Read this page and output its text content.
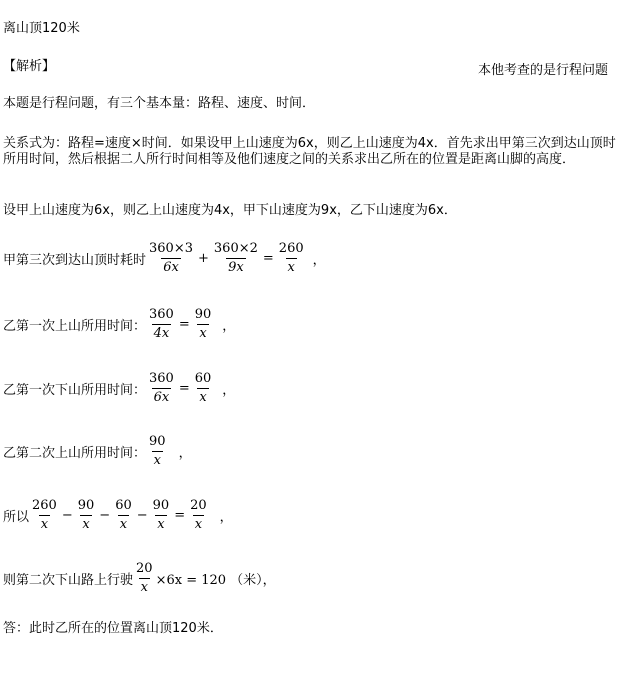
离山顶120米
【解析】	本他考查的是行程问题
本题是行程问题，有三个基本量：路程、速度、时间．
关系式为：路程=速度×时间．如果设甲上山速度为6x，则乙上山速度为4x．首先求出甲第三次到达山顶时所用时间，然后根据二人所行时间相等及他们速度之间的关系求出乙所在的位置是距离山脚的高度．
设甲上山速度为6x，则乙上山速度为4x，甲下山速度为9x，乙下山速度为6x．
甲第三次到达山顶时耗时 $\frac{360\times 3}{6x} + \frac{360\times 2}{9x} = \frac{260}{x}$ ，
乙第一次上山所用时间： $\frac{360}{4x} = \frac{90}{x}$ ，
乙第一次下山所用时间： $\frac{360}{6x} = \frac{60}{x}$ ，
乙第二次上山所用时间： $\frac{90}{x}$ ，
所以 $\frac{260}{x} - \frac{90}{x} - \frac{60}{x} - \frac{90}{x} = \frac{20}{x}$ ，
则第二次下山路上行驶 $\frac{20}{x} \times 6x = 120$ （米），
答：此时乙所在的位置离山顶120米．
